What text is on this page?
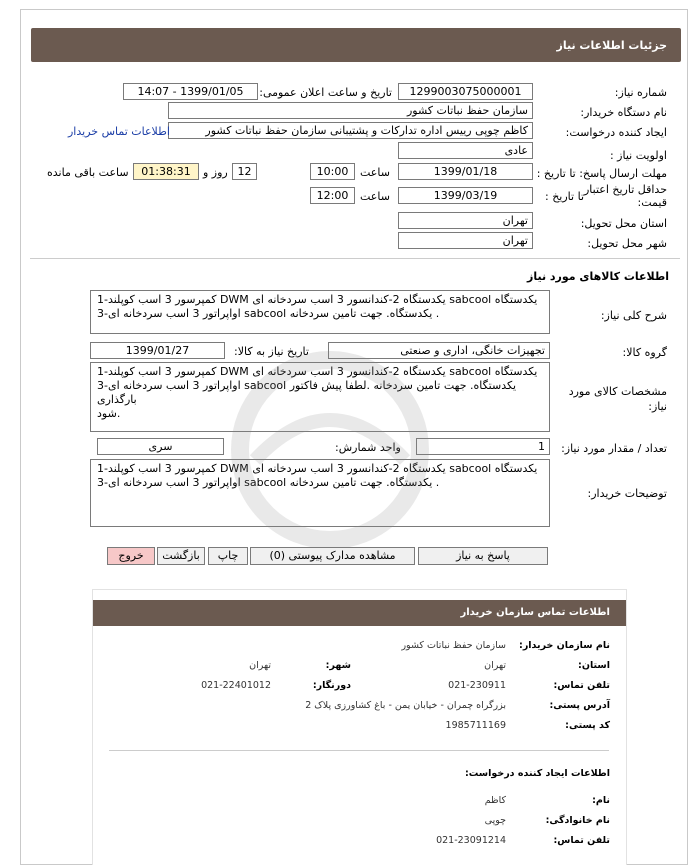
جزئیات اطلاعات نیاز
شماره نیاز:
1299003075000001
تاریخ و ساعت اعلان عمومی:
1399/01/05 - 14:07
نام دستگاه خریدار:
سازمان حفظ نباتات کشور
ایجاد کننده درخواست:
کاظم چوپی رییس اداره تدارکات و پشتیبانی سازمان حفظ نباتات کشور
اطلاعات تماس خریدار
اولویت نیاز :
عادی
مهلت ارسال پاسخ: تا تاریخ :
1399/01/18
ساعت
10:00
12
روز و
01:38:31
ساعت باقی مانده
حداقل تاریخ اعتبار
قیمت:
تا تاریخ :
1399/03/19
ساعت
12:00
استان محل تحویل:
تهران
شهر محل تحویل:
تهران
اطلاعات کالاهای مورد نیاز
شرح کلی نیاز:
1-کمپرسور 3 اسب کوپلند DWM یکدستگاه 2-کندانسور 3 اسب سردخانه ای sabcool یکدستگاه
3-اواپراتور 3 اسب سردخانه ای sabcool یکدستگاه. جهت تامین سردخانه .
گروه کالا:
تجهیزات خانگی، اداری و صنعتی
تاریخ نیاز به کالا:
1399/01/27
مشخصات کالای مورد نیاز:
1-کمپرسور 3 اسب کوپلند DWM یکدستگاه 2-کندانسور 3 اسب سردخانه ای sabcool یکدستگاه
3-اواپراتور 3 اسب سردخانه ای sabcool یکدستگاه. جهت تامین سردخانه .لطفا پیش فاکتور بارگذاری
شود.
تعداد / مقدار مورد نیاز:
1
واحد شمارش:
سری
توضیحات خریدار:
1-کمپرسور 3 اسب کوپلند DWM یکدستگاه 2-کندانسور 3 اسب سردخانه ای sabcool یکدستگاه
3-اواپراتور 3 اسب سردخانه ای sabcool یکدستگاه. جهت تامین سردخانه .
پاسخ به نیاز
مشاهده مدارک پیوستی (0)
چاپ
بازگشت
خروج
اطلاعات تماس سازمان خریدار
نام سازمان خریدار:
سازمان حفظ نباتات کشور
استان:
تهران
شهر:
تهران
تلفن تماس:
021-230911
دورنگار:
021-22401012
آدرس پستی:
بزرگراه چمران - خیابان یمن - باغ کشاورزی پلاک 2
کد پستی:
1985711169
اطلاعات ایجاد کننده درخواست:
نام:
کاظم
نام خانوادگی:
چوپی
تلفن تماس:
021-23091214
